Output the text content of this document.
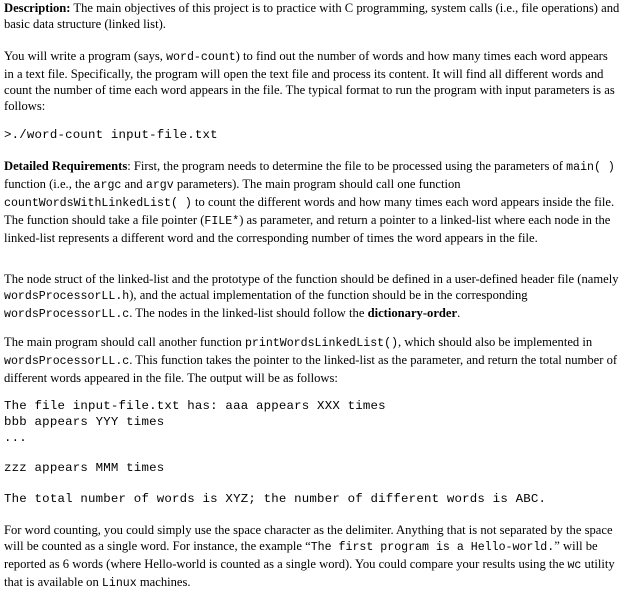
Description: The main objectives of this project is to practice with C programming, system calls (i.e., file operations) and basic data structure (linked list).

You will write a program (says, word-count) to find out the number of words and how many times each word appears in a text file. Specifically, the program will open the text file and process its content. It will find all different words and count the number of time each word appears in the file. The typical format to run the program with input parameters is as follows:

>./word-count input-file.txt

Detailed Requirements: First, the program needs to determine the file to be processed using the parameters of main( ) function (i.e., the argc and argv parameters). The main program should call one function countWordsWithLinkedList( ) to count the different words and how many times each word appears inside the file. The function should take a file pointer (FILE*) as parameter, and return a pointer to a linked-list where each node in the linked-list represents a different word and the corresponding number of times the word appears in the file.

The node struct of the linked-list and the prototype of the function should be defined in a user-defined header file (namely wordsProcessorLL.h), and the actual implementation of the function should be in the corresponding wordsProcessorLL.c. The nodes in the linked-list should follow the dictionary-order.

The main program should call another function printWordsLinkedList(), which should also be implemented in wordsProcessorLL.c. This function takes the pointer to the linked-list as the parameter, and return the total number of different words appeared in the file. The output will be as follows:

The file input-file.txt has: aaa appears XXX times
bbb appears YYY times
...

zzz appears MMM times

The total number of words is XYZ; the number of different words is ABC.

For word counting, you could simply use the space character as the delimiter. Anything that is not separated by the space will be counted as a single word. For instance, the example “The first program is a Hello-world.” will be reported as 6 words (where Hello-world is counted as a single word). You could compare your results using the wc utility that is available on Linux machines.
